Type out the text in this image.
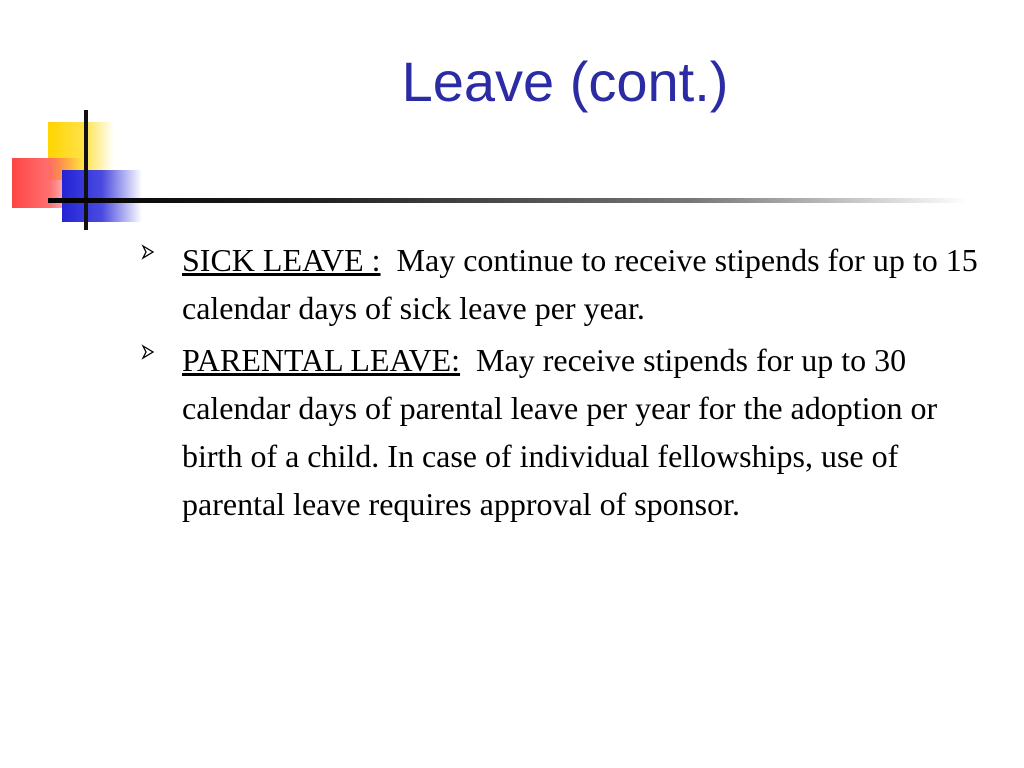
Leave (cont.)
SICK LEAVE : May continue to receive stipends for up to 15 calendar days of sick leave per year.
PARENTAL LEAVE: May receive stipends for up to 30 calendar days of parental leave per year for the adoption or birth of a child. In case of individual fellowships, use of parental leave requires approval of sponsor.
